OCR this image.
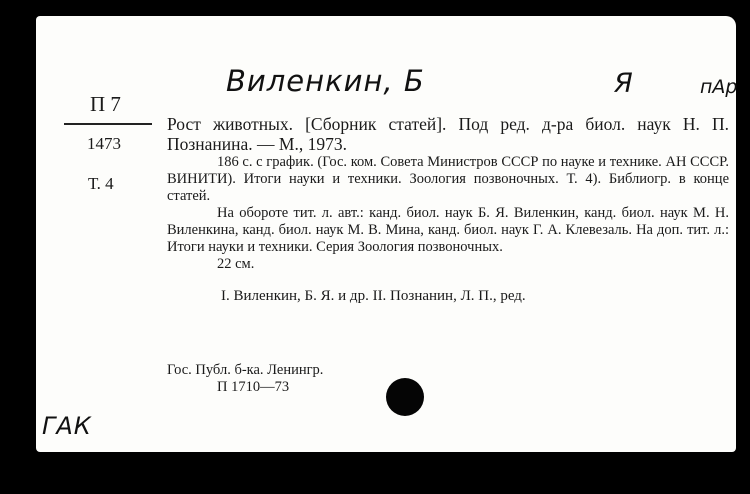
Виленкин, Б	Я	пАр
П 7
1473
Т. 4

Рост животных. [Сборник статей]. Под ред. д-ра биол. наук Н. П. Познанина. — М., 1973.

186 с. с график. (Гос. ком. Совета Министров СССР по науке и технике. АН СССР. ВИНИТИ). Итоги науки и техники. Зоология позвоночных. Т. 4). Библиогр. в конце статей.

На обороте тит. л. авт.: канд. биол. наук Б. Я. Виленкин, канд. биол. наук М. Н. Виленкина, канд. биол. наук М. В. Мина, канд. биол. наук Г. А. Клевезаль. На доп. тит. л.: Итоги науки и техники. Серия Зоология позвоночных.

22 см.

I. Виленкин, Б. Я. и др. II. Познанин, Л. П., ред.

Гос. Публ. б-ка. Ленингр.
П 1710—73
ГАК
